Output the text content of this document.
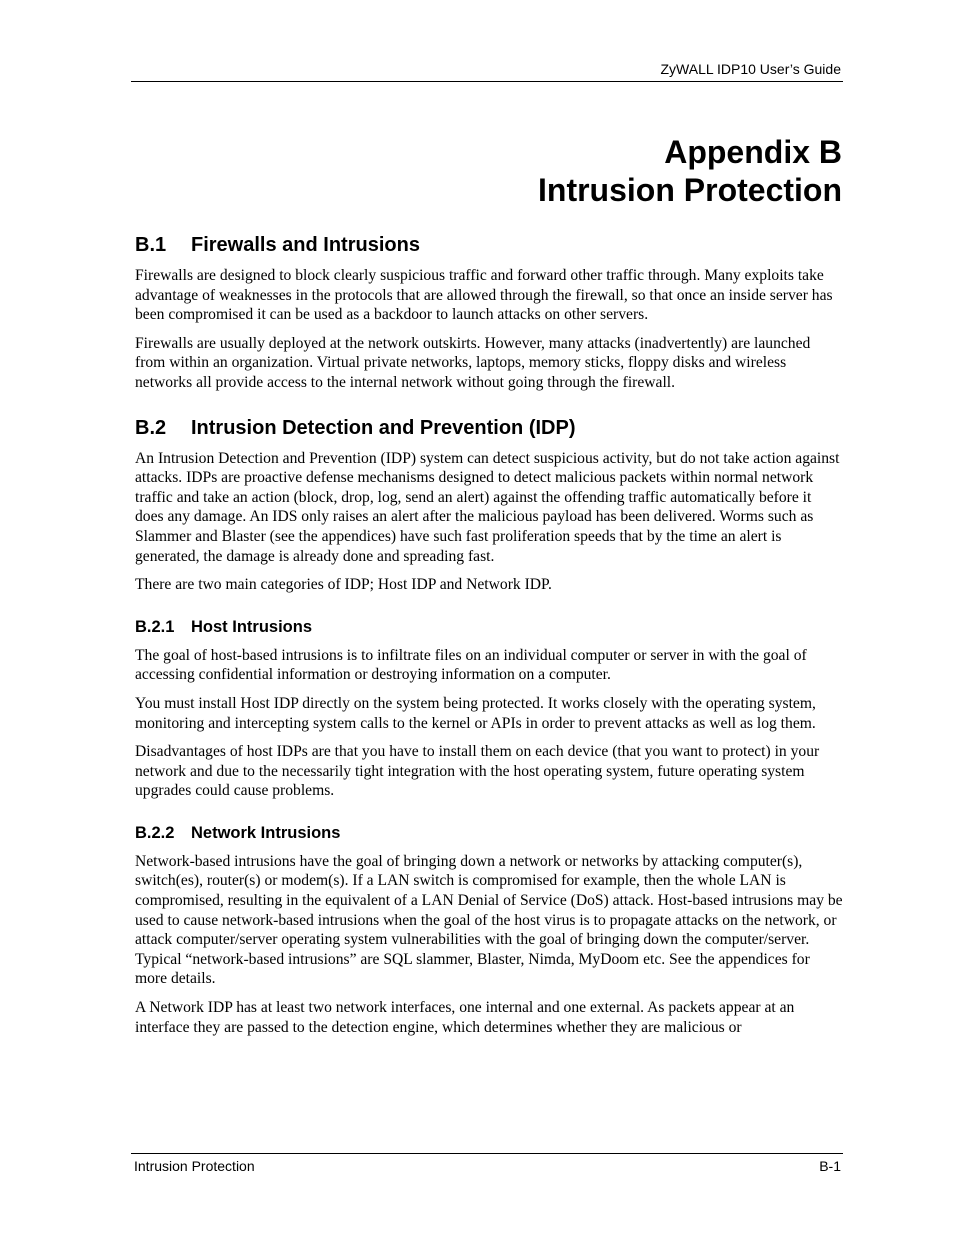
ZyWALL IDP10 User’s Guide
Appendix B
Intrusion Protection
B.1 Firewalls and Intrusions

Firewalls are designed to block clearly suspicious traffic and forward other traffic through. Many exploits take advantage of weaknesses in the protocols that are allowed through the firewall, so that once an inside server has been compromised it can be used as a backdoor to launch attacks on other servers.

Firewalls are usually deployed at the network outskirts. However, many attacks (inadvertently) are launched from within an organization. Virtual private networks, laptops, memory sticks, floppy disks and wireless networks all provide access to the internal network without going through the firewall.

B.2 Intrusion Detection and Prevention (IDP)

An Intrusion Detection and Prevention (IDP) system can detect suspicious activity, but do not take action against attacks. IDPs are proactive defense mechanisms designed to detect malicious packets within normal network traffic and take an action (block, drop, log, send an alert) against the offending traffic automatically before it does any damage. An IDS only raises an alert after the malicious payload has been delivered. Worms such as Slammer and Blaster (see the appendices) have such fast proliferation speeds that by the time an alert is generated, the damage is already done and spreading fast.

There are two main categories of IDP; Host IDP and Network IDP.

B.2.1 Host Intrusions

The goal of host-based intrusions is to infiltrate files on an individual computer or server in with the goal of accessing confidential information or destroying information on a computer.

You must install Host IDP directly on the system being protected. It works closely with the operating system, monitoring and intercepting system calls to the kernel or APIs in order to prevent attacks as well as log them.

Disadvantages of host IDPs are that you have to install them on each device (that you want to protect) in your network and due to the necessarily tight integration with the host operating system, future operating system upgrades could cause problems.

B.2.2 Network Intrusions

Network-based intrusions have the goal of bringing down a network or networks by attacking computer(s), switch(es), router(s) or modem(s). If a LAN switch is compromised for example, then the whole LAN is compromised, resulting in the equivalent of a LAN Denial of Service (DoS) attack. Host-based intrusions may be used to cause network-based intrusions when the goal of the host virus is to propagate attacks on the network, or attack computer/server operating system vulnerabilities with the goal of bringing down the computer/server. Typical “network-based intrusions” are SQL slammer, Blaster, Nimda, MyDoom etc. See the appendices for more details.

A Network IDP has at least two network interfaces, one internal and one external. As packets appear at an interface they are passed to the detection engine, which determines whether they are malicious or

Intrusion Protection	B-1
